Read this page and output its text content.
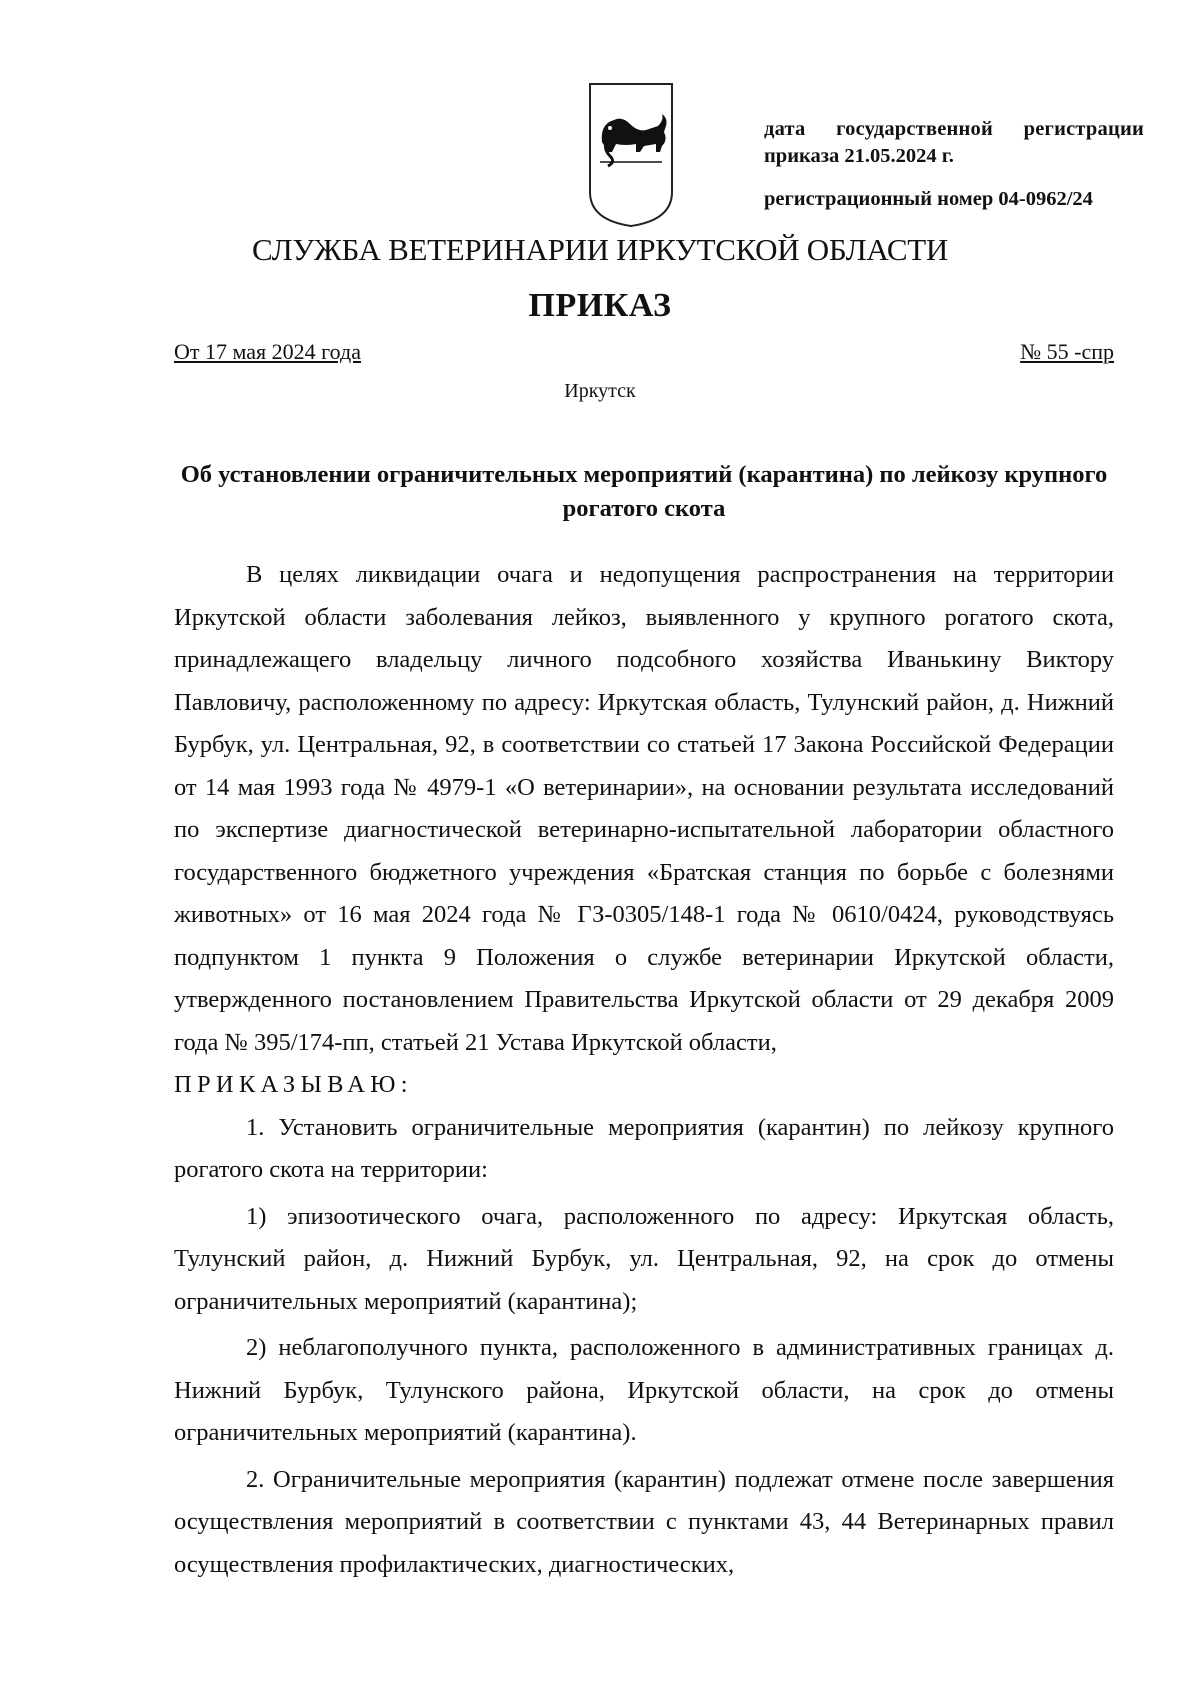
дата государственной регистрации
приказа 21.05.2024 г.
регистрационный номер 04-0962/24
СЛУЖБА ВЕТЕРИНАРИИ ИРКУТСКОЙ ОБЛАСТИ
ПРИКАЗ
От 17 мая 2024 года	№ 55 -спр
Иркутск
Об установлении ограничительных мероприятий (карантина) по лейкозу крупного рогатого скота

В целях ликвидации очага и недопущения распространения на территории Иркутской области заболевания лейкоз, выявленного у крупного рогатого скота, принадлежащего владельцу личного подсобного хозяйства Иванькину Виктору Павловичу, расположенному по адресу: Иркутская область, Тулунский район, д. Нижний Бурбук, ул. Центральная, 92, в соответствии со статьей 17 Закона Российской Федерации от 14 мая 1993 года № 4979-1 «О ветеринарии», на основании результата исследований по экспертизе диагностической ветеринарно-испытательной лаборатории областного государственного бюджетного учреждения «Братская станция по борьбе с болезнями животных» от 16 мая 2024 года № ГЗ-0305/148-1 года № 0610/0424, руководствуясь подпунктом 1 пункта 9 Положения о службе ветеринарии Иркутской области, утвержденного постановлением Правительства Иркутской области от 29 декабря 2009 года № 395/174-пп, статьей 21 Устава Иркутской области,

ПРИКАЗЫВАЮ:

1. Установить ограничительные мероприятия (карантин) по лейкозу крупного рогатого скота на территории:

1) эпизоотического очага, расположенного по адресу: Иркутская область, Тулунский район, д. Нижний Бурбук, ул. Центральная, 92, на срок до отмены ограничительных мероприятий (карантина);

2) неблагополучного пункта, расположенного в административных границах д. Нижний Бурбук, Тулунского района, Иркутской области, на срок до отмены ограничительных мероприятий (карантина).

2. Ограничительные мероприятия (карантин) подлежат отмене после завершения осуществления мероприятий в соответствии с пунктами 43, 44 Ветеринарных правил осуществления профилактических, диагностических,
